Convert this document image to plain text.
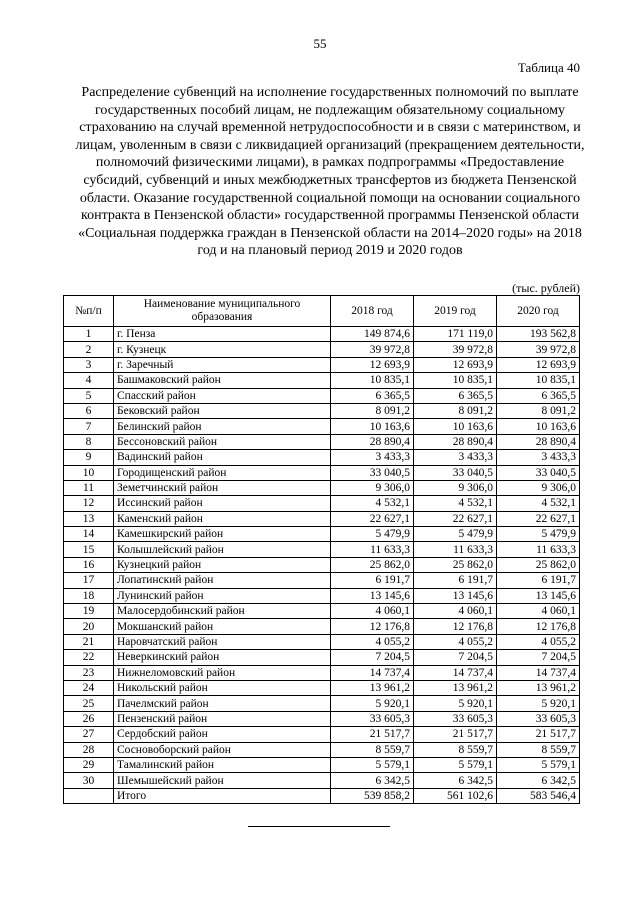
55
Таблица 40
Распределение субвенций на исполнение государственных полномочий по выплате государственных пособий лицам, не подлежащим обязательному социальному страхованию на случай временной нетрудоспособности и в связи с материнством, и лицам, уволенным в связи с ликвидацией организаций (прекращением деятельности, полномочий физическими лицами), в рамках подпрограммы «Предоставление субсидий, субвенций и иных межбюджетных трансфертов из бюджета Пензенской области. Оказание государственной социальной помощи на основании социального контракта в Пензенской области» государственной программы Пензенской области «Социальная поддержка граждан в Пензенской области на 2014–2020 годы» на 2018 год и на плановый период 2019 и 2020 годов
(тыс. рублей)
№п/п	Наименование муниципального образования	2018 год	2019 год	2020 год
1	г. Пенза	149 874,6	171 119,0	193 562,8
2	г. Кузнецк	39 972,8	39 972,8	39 972,8
3	г. Заречный	12 693,9	12 693,9	12 693,9
4	Башмаковский район	10 835,1	10 835,1	10 835,1
5	Спасский район	6 365,5	6 365,5	6 365,5
6	Бековский район	8 091,2	8 091,2	8 091,2
7	Белинский район	10 163,6	10 163,6	10 163,6
8	Бессоновский район	28 890,4	28 890,4	28 890,4
9	Вадинский район	3 433,3	3 433,3	3 433,3
10	Городищенский район	33 040,5	33 040,5	33 040,5
11	Земетчинский район	9 306,0	9 306,0	9 306,0
12	Иссинский район	4 532,1	4 532,1	4 532,1
13	Каменский район	22 627,1	22 627,1	22 627,1
14	Камешкирский район	5 479,9	5 479,9	5 479,9
15	Колышлейский район	11 633,3	11 633,3	11 633,3
16	Кузнецкий район	25 862,0	25 862,0	25 862,0
17	Лопатинский район	6 191,7	6 191,7	6 191,7
18	Лунинский район	13 145,6	13 145,6	13 145,6
19	Малосердобинский район	4 060,1	4 060,1	4 060,1
20	Мокшанский район	12 176,8	12 176,8	12 176,8
21	Наровчатский район	4 055,2	4 055,2	4 055,2
22	Неверкинский район	7 204,5	7 204,5	7 204,5
23	Нижнеломовский район	14 737,4	14 737,4	14 737,4
24	Никольский район	13 961,2	13 961,2	13 961,2
25	Пачелмский район	5 920,1	5 920,1	5 920,1
26	Пензенский район	33 605,3	33 605,3	33 605,3
27	Сердобский район	21 517,7	21 517,7	21 517,7
28	Сосновоборский район	8 559,7	8 559,7	8 559,7
29	Тамалинский район	5 579,1	5 579,1	5 579,1
30	Шемышейский район	6 342,5	6 342,5	6 342,5
	Итого	539 858,2	561 102,6	583 546,4
